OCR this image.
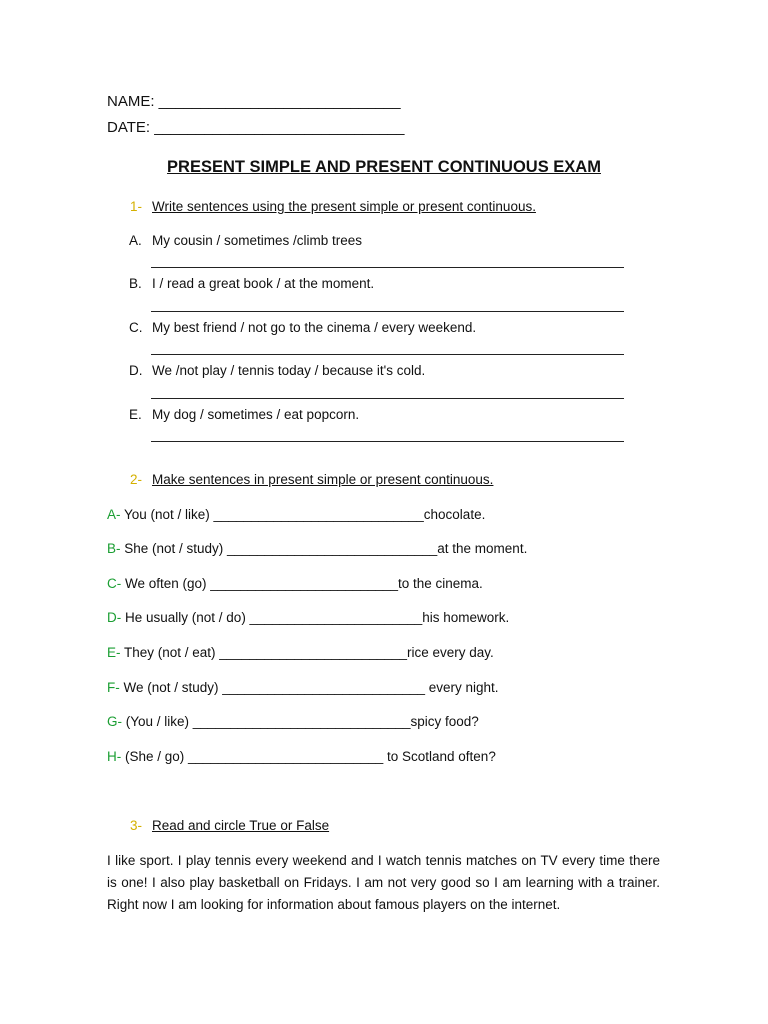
NAME: _____________________________
DATE: ______________________________
PRESENT SIMPLE AND PRESENT CONTINUOUS EXAM
1- Write sentences using the present simple or present continuous.
A. My cousin / sometimes /climb trees
B. I / read a great book / at the moment.
C. My best friend / not go to the cinema / every weekend.
D. We /not play / tennis today / because it's cold.
E. My dog / sometimes / eat popcorn.
2- Make sentences in present simple or present continuous.
A- You (not / like) ____________________________chocolate.
B- She (not / study) ____________________________at the moment.
C- We often (go) _________________________to the cinema.
D- He usually (not / do) _______________________his homework.
E- They (not / eat) _________________________rice every day.
F- We (not / study) ___________________________ every night.
G- (You / like) _____________________________spicy food?
H- (She / go) __________________________ to Scotland often?
3- Read and circle True or False
I like sport. I play tennis every weekend and I watch tennis matches on TV every time there is one! I also play basketball on Fridays. I am not very good so I am learning with a trainer. Right now I am looking for information about famous players on the internet.
